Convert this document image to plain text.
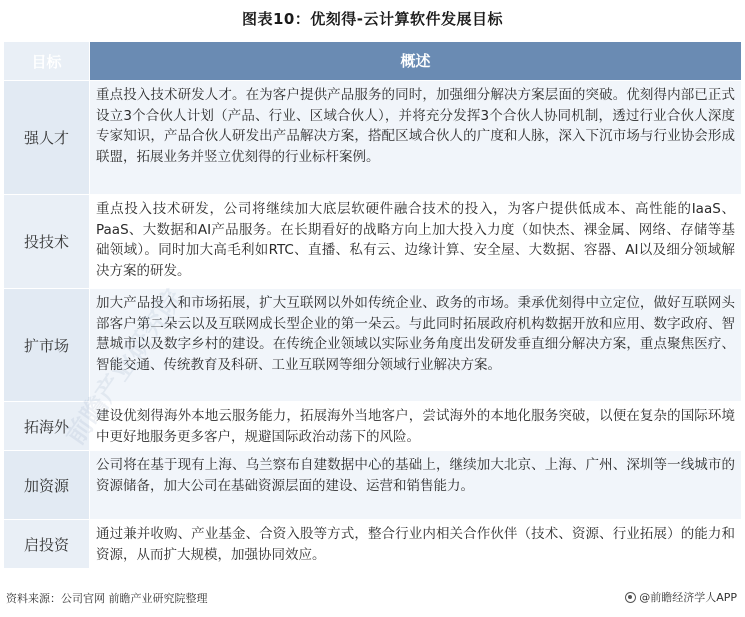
图表10：优刻得-云计算软件发展目标
目标	概述
强人才
重点投入技术研发人才。在为客户提供产品服务的同时，加强细分解决方案层面的突破。优刻得内部已正式设立3个合伙人计划（产品、行业、区域合伙人），并将充分发挥3个合伙人协同机制，透过行业合伙人深度专家知识，产品合伙人研发出产品解决方案，搭配区域合伙人的广度和人脉，深入下沉市场与行业协会形成联盟，拓展业务并竖立优刻得的行业标杆案例。
投技术
重点投入技术研发，公司将继续加大底层软硬件融合技术的投入，为客户提供低成本、高性能的IaaS、PaaS、大数据和AI产品服务。在长期看好的战略方向上加大投入力度（如快杰、裸金属、网络、存储等基础领域）。同时加大高毛利如RTC、直播、私有云、边缘计算、安全屋、大数据、容器、AI以及细分领域解决方案的研发。
扩市场
加大产品投入和市场拓展，扩大互联网以外如传统企业、政务的市场。秉承优刻得中立定位，做好互联网头部客户第二朵云以及互联网成长型企业的第一朵云。与此同时拓展政府机构数据开放和应用、数字政府、智慧城市以及数字乡村的建设。在传统企业领域以实际业务角度出发研发垂直细分解决方案，重点聚焦医疗、智能交通、传统教育及科研、工业互联网等细分领域行业解决方案。
拓海外
建设优刻得海外本地云服务能力，拓展海外当地客户，尝试海外的本地化服务突破，以便在复杂的国际环境中更好地服务更多客户，规避国际政治动荡下的风险。
加资源
公司将在基于现有上海、乌兰察布自建数据中心的基础上，继续加大北京、上海、广州、深圳等一线城市的资源储备，加大公司在基础资源层面的建设、运营和销售能力。
启投资
通过兼并收购、产业基金、合资入股等方式，整合行业内相关合作伙伴（技术、资源、行业拓展）的能力和资源，从而扩大规模，加强协同效应。
资料来源：公司官网 前瞻产业研究院整理	@前瞻经济学人APP
